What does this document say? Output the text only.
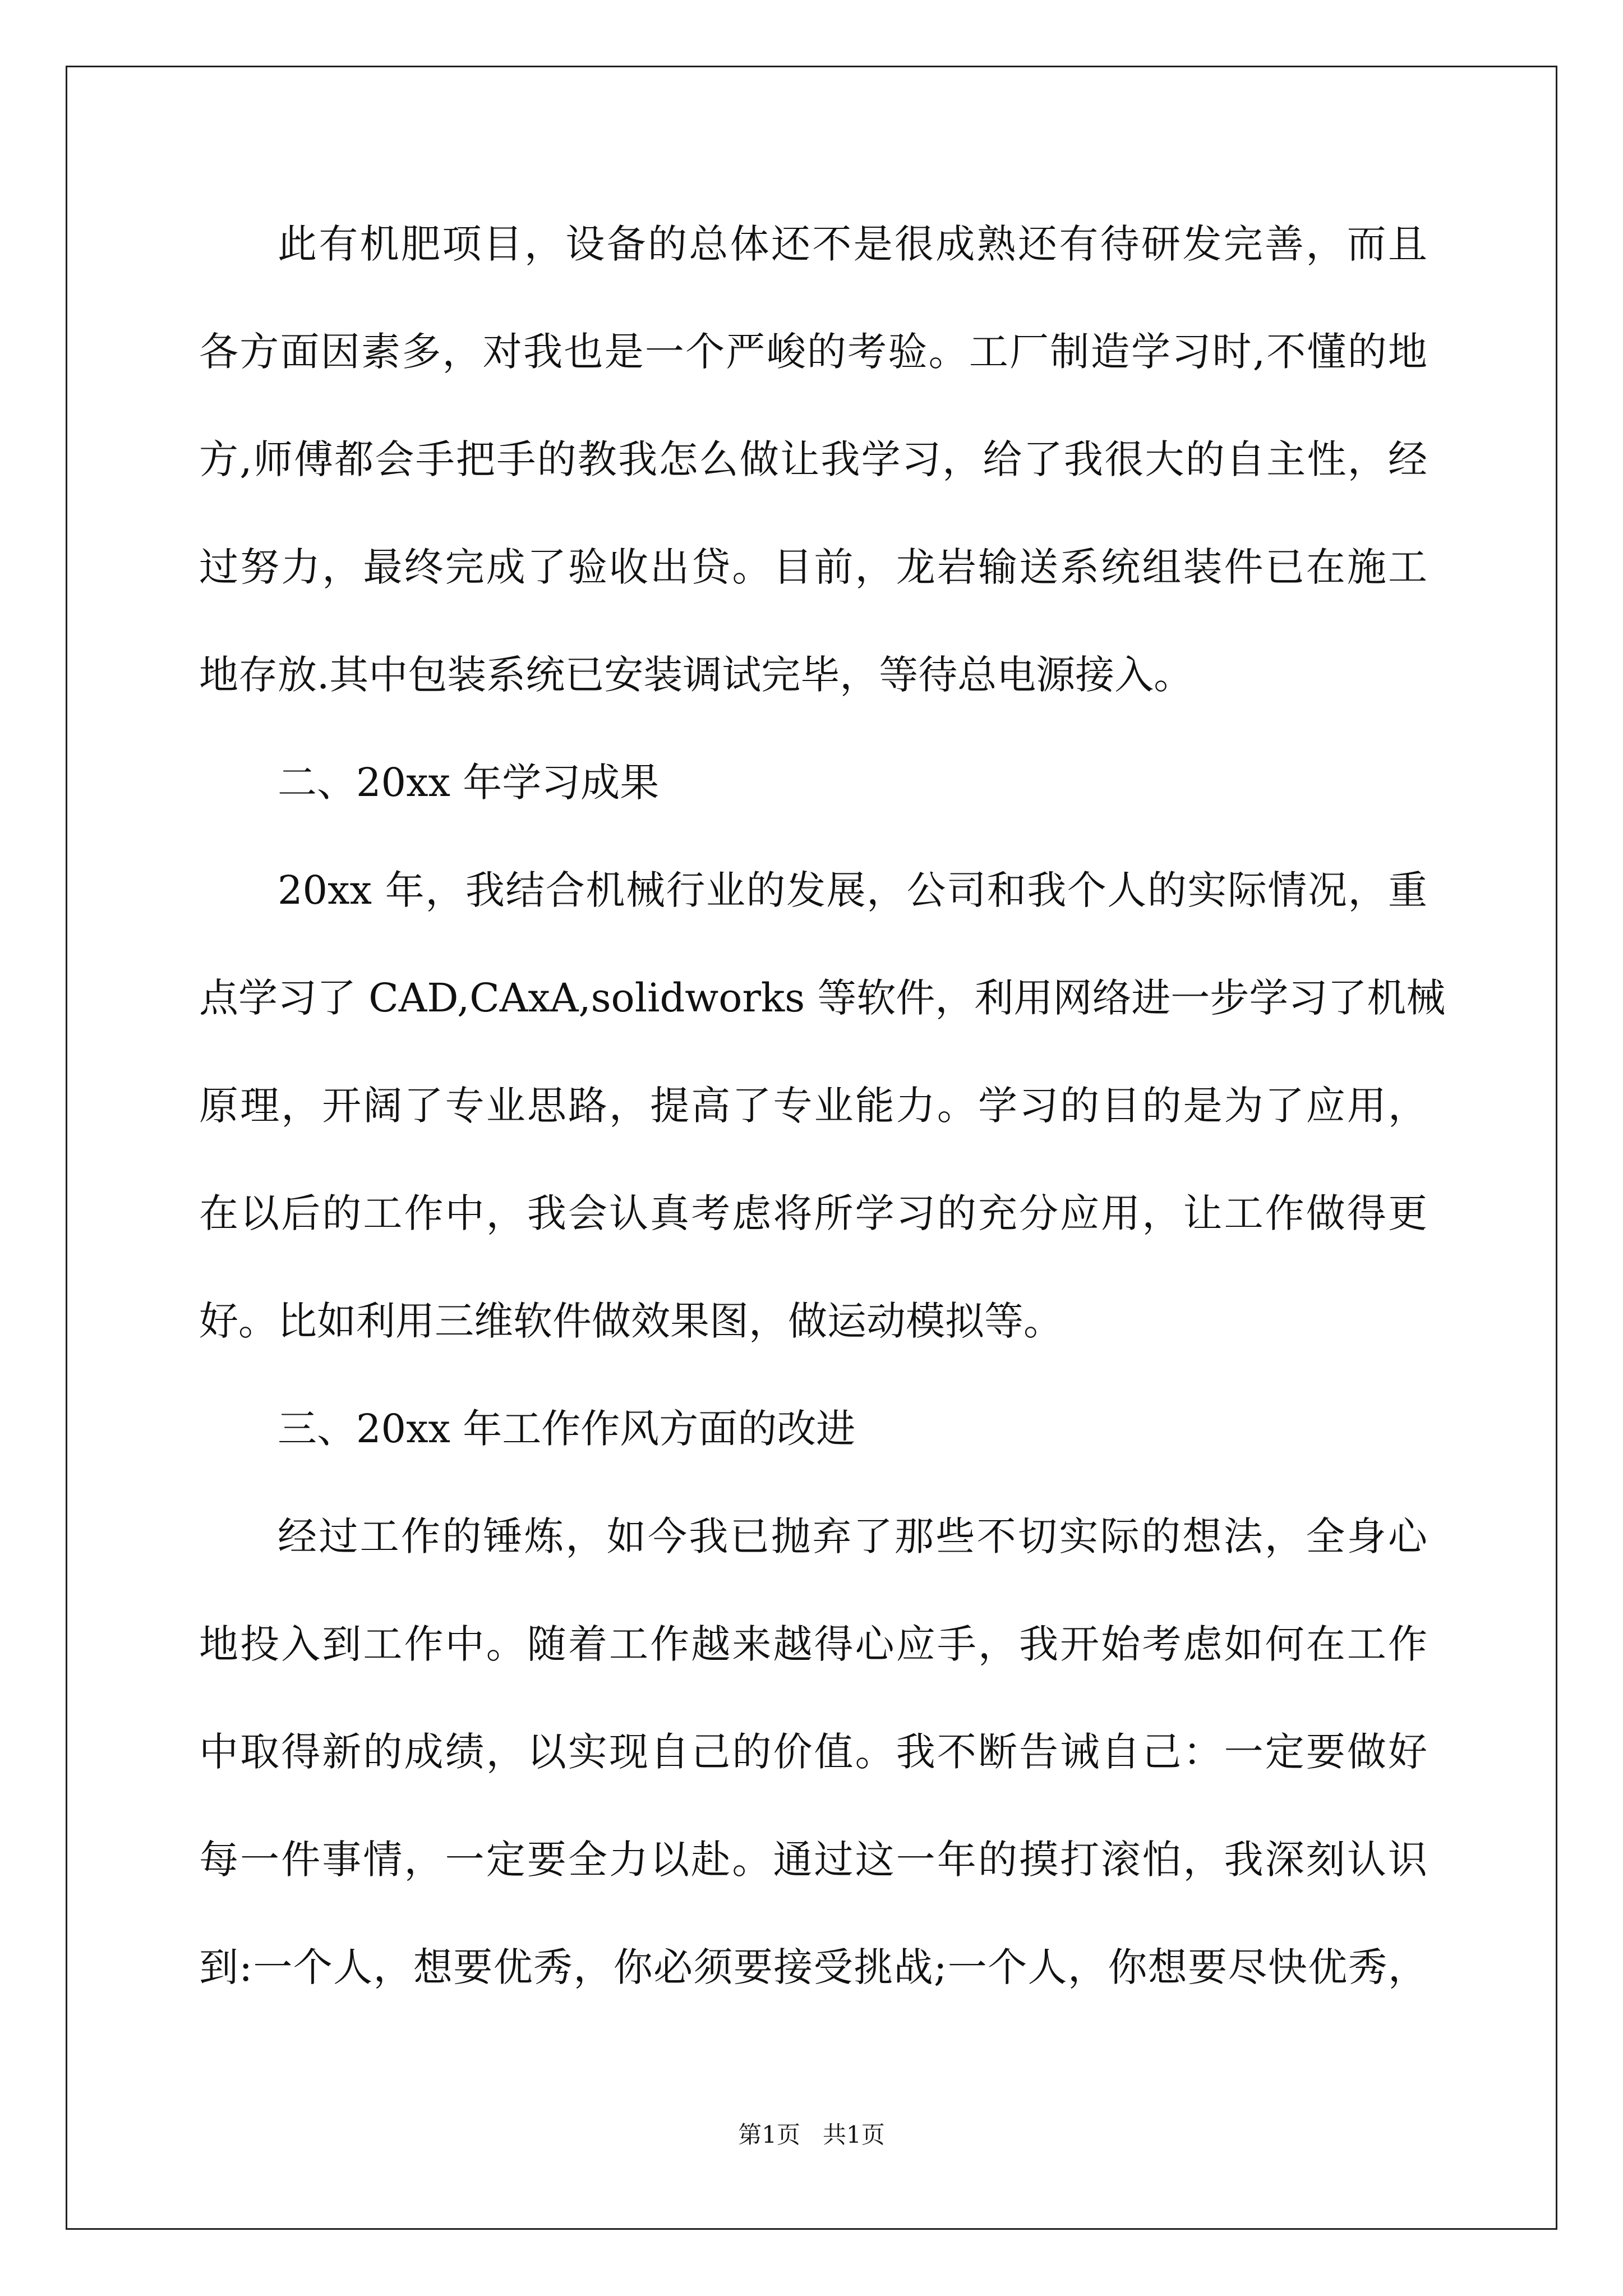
此有机肥项目，设备的总体还不是很成熟还有待研发完善，而且
各方面因素多，对我也是一个严峻的考验。工厂制造学习时,不懂的地
方,师傅都会手把手的教我怎么做让我学习，给了我很大的自主性，经
过努力，最终完成了验收出贷。目前，龙岩输送系统组装件已在施工
地存放.其中包装系统已安装调试完毕，等待总电源接入。
二、20xx 年学习成果
20xx 年，我结合机械行业的发展，公司和我个人的实际情况，重
点学习了 CAD,CAxA,solidworks 等软件，利用网络进一步学习了机械
原理，开阔了专业思路，提高了专业能力。学习的目的是为了应用，
在以后的工作中，我会认真考虑将所学习的充分应用，让工作做得更
好。比如利用三维软件做效果图，做运动模拟等。
三、20xx 年工作作风方面的改进
经过工作的锤炼，如今我已抛弃了那些不切实际的想法，全身心
地投入到工作中。随着工作越来越得心应手，我开始考虑如何在工作
中取得新的成绩，以实现自己的价值。我不断告诫自己：一定要做好
每一件事情，一定要全力以赴。通过这一年的摸打滚怕，我深刻认识
到:一个人，想要优秀，你必须要接受挑战;一个人，你想要尽快优秀，
第1页   共1页
